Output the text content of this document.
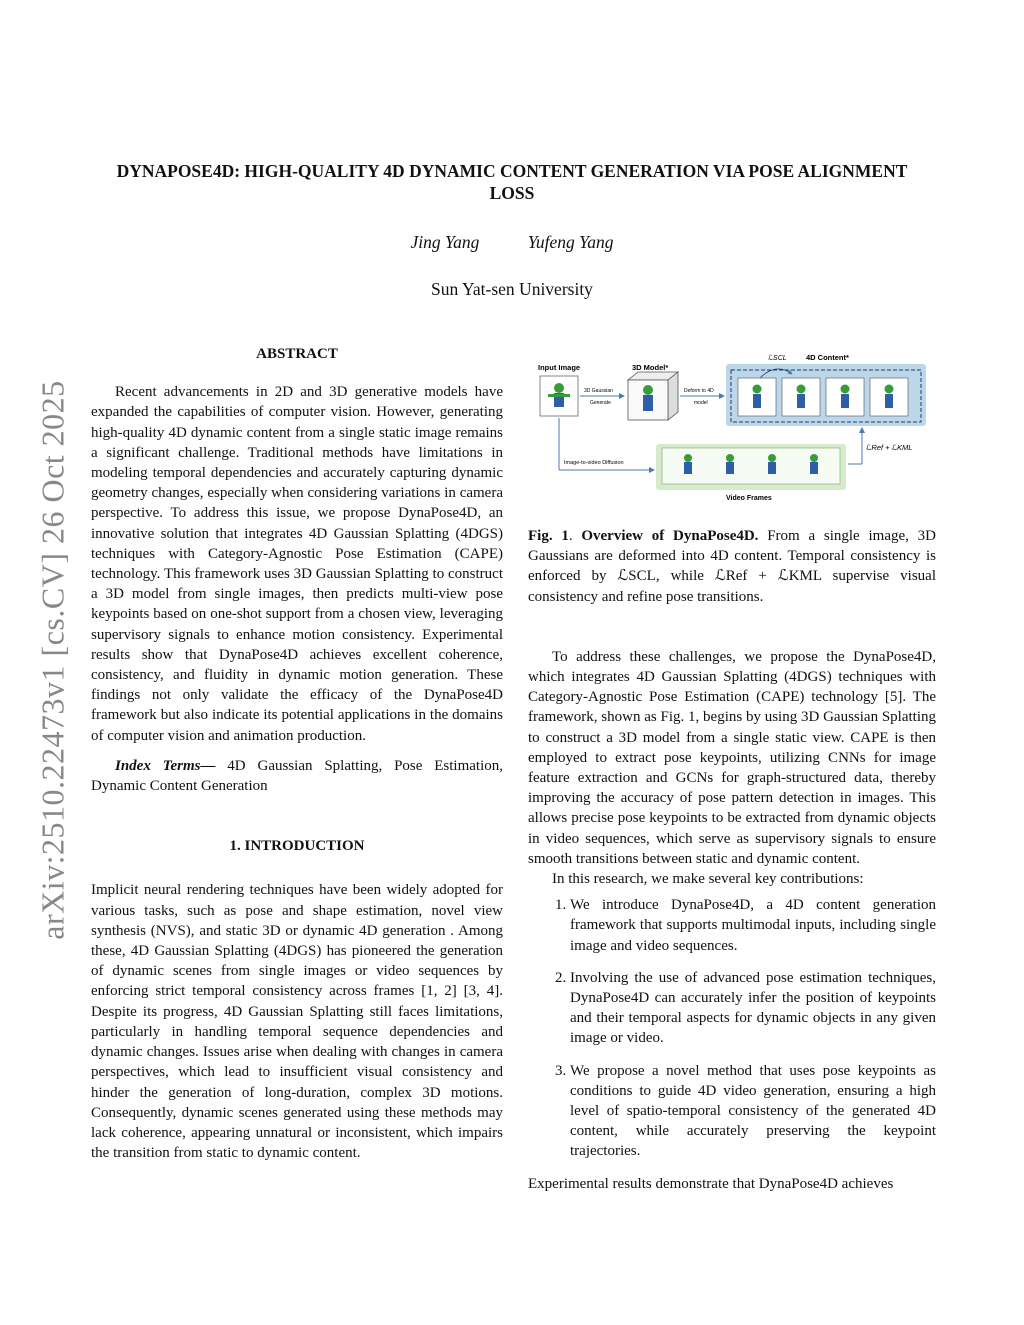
arXiv:2510.22473v1 [cs.CV] 26 Oct 2025
DYNAPOSE4D: HIGH-QUALITY 4D DYNAMIC CONTENT GENERATION VIA POSE ALIGNMENT LOSS
Jing Yang	Yufeng Yang
Sun Yat-sen University
ABSTRACT

Recent advancements in 2D and 3D generative models have expanded the capabilities of computer vision. However, generating high-quality 4D dynamic content from a single static image remains a significant challenge. Traditional methods have limitations in modeling temporal dependencies and accurately capturing dynamic geometry changes, especially when considering variations in camera perspective. To address this issue, we propose DynaPose4D, an innovative solution that integrates 4D Gaussian Splatting (4DGS) techniques with Category-Agnostic Pose Estimation (CAPE) technology. This framework uses 3D Gaussian Splatting to construct a 3D model from single images, then predicts multi-view pose keypoints based on one-shot support from a chosen view, leveraging supervisory signals to enhance motion consistency. Experimental results show that DynaPose4D achieves excellent coherence, consistency, and fluidity in dynamic motion generation. These findings not only validate the efficacy of the DynaPose4D framework but also indicate its potential applications in the domains of computer vision and animation production.

Index Terms— 4D Gaussian Splatting, Pose Estimation, Dynamic Content Generation

1. INTRODUCTION

Implicit neural rendering techniques have been widely adopted for various tasks, such as pose and shape estimation, novel view synthesis (NVS), and static 3D or dynamic 4D generation . Among these, 4D Gaussian Splatting (4DGS) has pioneered the generation of dynamic scenes from single images or video sequences by enforcing strict temporal consistency across frames [1, 2] [3, 4]. Despite its progress, 4D Gaussian Splatting still faces limitations, particularly in handling temporal sequence dependencies and dynamic changes. Issues arise when dealing with changes in camera perspectives, which lead to insufficient visual consistency and hinder the generation of long-duration, complex 3D motions. Consequently, dynamic scenes generated using these methods may lack coherence, appearing unnatural or inconsistent, which impairs the transition from static to dynamic content.

Input Image	3D Model*
3D Gaussian
Generate
Deform to 4D
model
4D Content*
ℒSCL
Image-to-video Diffusion
Video Frames
ℒRef + ℒKML
Fig. 1. Overview of DynaPose4D. From a single image, 3D Gaussians are deformed into 4D content. Temporal consistency is enforced by ℒSCL, while ℒRef + ℒKML supervise visual consistency and refine pose transitions.

To address these challenges, we propose the DynaPose4D, which integrates 4D Gaussian Splatting (4DGS) techniques with Category-Agnostic Pose Estimation (CAPE) technology [5]. The framework, shown as Fig. 1, begins by using 3D Gaussian Splatting to construct a 3D model from a single static view. CAPE is then employed to extract pose keypoints, utilizing CNNs for image feature extraction and GCNs for graph-structured data, thereby improving the accuracy of pose pattern detection in images. This allows precise pose keypoints to be extracted from dynamic objects in video sequences, which serve as supervisory signals to ensure smooth transitions between static and dynamic content.

In this research, we make several key contributions:

1. We introduce DynaPose4D, a 4D content generation framework that supports multimodal inputs, including single image and video sequences.
2. Involving the use of advanced pose estimation techniques, DynaPose4D can accurately infer the position of keypoints and their temporal aspects for dynamic objects in any given image or video.
3. We propose a novel method that uses pose keypoints as conditions to guide 4D video generation, ensuring a high level of spatio-temporal consistency of the generated 4D content, while accurately preserving the keypoint trajectories.

Experimental results demonstrate that DynaPose4D achieves
